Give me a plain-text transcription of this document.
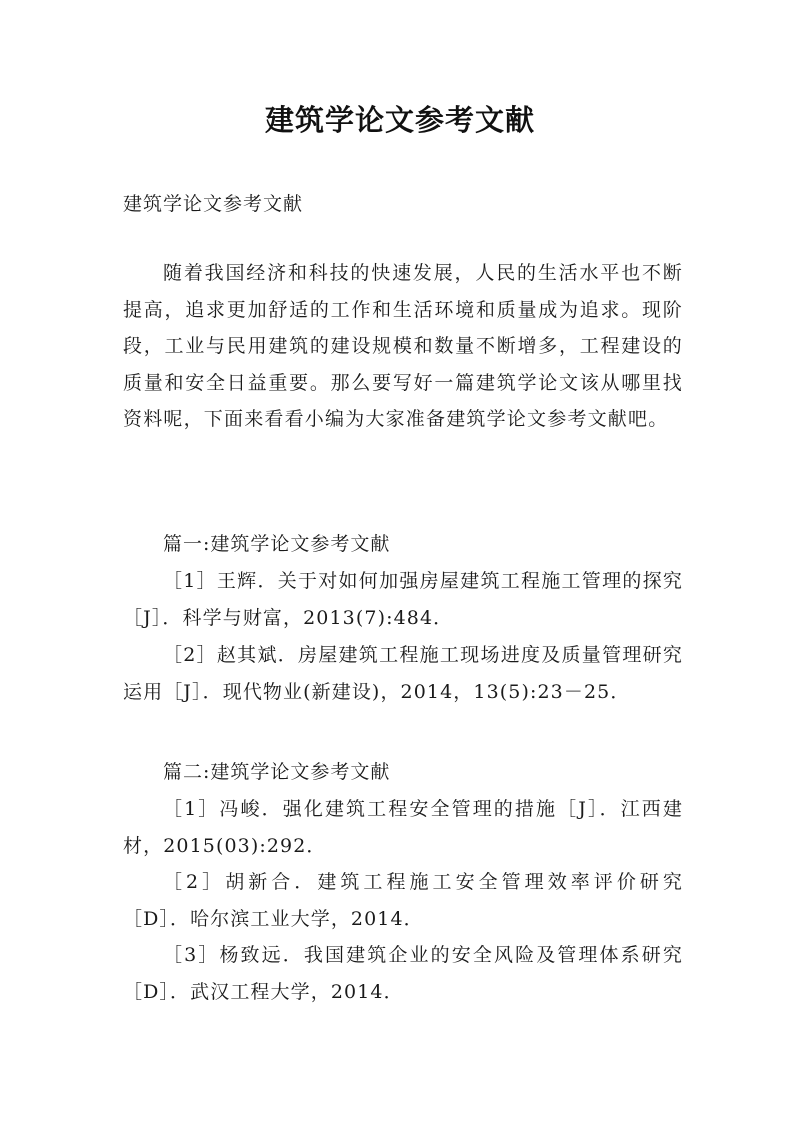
建筑学论文参考文献
建筑学论文参考文献
随着我国经济和科技的快速发展，人民的生活水平也不断提高，追求更加舒适的工作和生活环境和质量成为追求。现阶段，工业与民用建筑的建设规模和数量不断增多，工程建设的质量和安全日益重要。那么要写好一篇建筑学论文该从哪里找资料呢，下面来看看小编为大家准备建筑学论文参考文献吧。
篇一:建筑学论文参考文献
［1］王辉．关于对如何加强房屋建筑工程施工管理的探究［J］．科学与财富，2013(7):484．
［2］赵其斌．房屋建筑工程施工现场进度及质量管理研究运用［J］．现代物业(新建设)，2014，13(5):23－25．
篇二:建筑学论文参考文献
［1］冯峻．强化建筑工程安全管理的措施［J］．江西建材，2015(03):292．
［2］胡新合．建筑工程施工安全管理效率评价研究［D］．哈尔滨工业大学，2014．
［3］杨致远．我国建筑企业的安全风险及管理体系研究［D］．武汉工程大学，2014．
